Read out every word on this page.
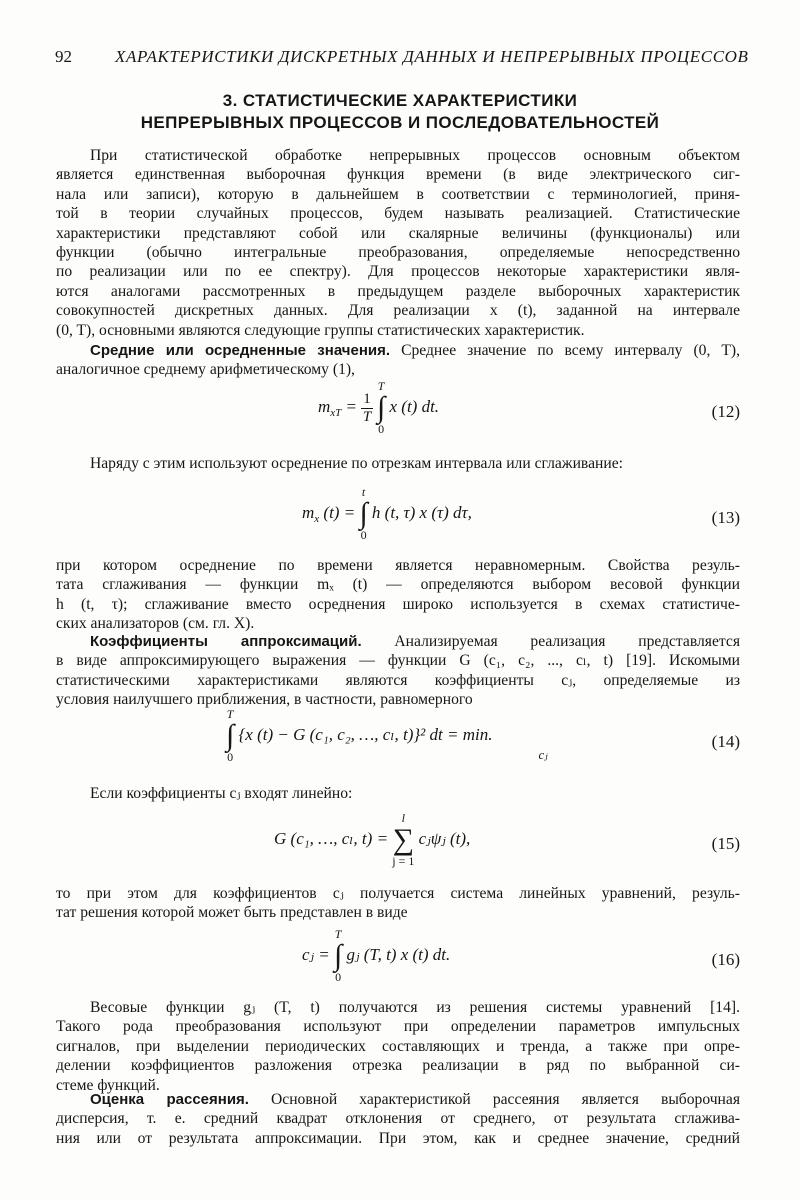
92	ХАРАКТЕРИСТИКИ ДИСКРЕТНЫХ ДАННЫХ И НЕПРЕРЫВНЫХ ПРОЦЕССОВ
3. СТАТИСТИЧЕСКИЕ ХАРАКТЕРИСТИКИ
НЕПРЕРЫВНЫХ ПРОЦЕССОВ И ПОСЛЕДОВАТЕЛЬНОСТЕЙ
При статистической обработке непрерывных процессов основным объектом
является единственная выборочная функция времени (в виде электрического сиг-
нала или записи), которую в дальнейшем в соответствии с терминологией, приня-
той в теории случайных процессов, будем называть реализацией. Статистические
характеристики представляют собой или скалярные величины (функционалы) или
функции (обычно интегральные преобразования, определяемые непосредственно
по реализации или по ее спектру). Для процессов некоторые характеристики явля-
ются аналогами рассмотренных в предыдущем разделе выборочных характеристик
совокупностей дискретных данных. Для реализации x (t), заданной на интервале
(0, T), основными являются следующие группы статистических характеристик.
Средние или осредненные значения. Среднее значение по всему интервалу (0, T),
аналогичное среднему арифметическому (1),
$m_{xT} = \frac{1}{T}$

T
∫
0
x (t) dt.	(12)
Наряду с этим используют осреднение по отрезкам интервала или сглаживание:
$m_x$ (t) =
t
∫
0
h (t, τ) x (τ) dτ,	(13)
при котором осреднение по времени является неравномерным. Свойства резуль-
тата сглаживания — функции mₓ (t) — определяются выбором весовой функции
h (t, τ); сглаживание вместо осреднения широко используется в схемах статистиче-
ских анализаторов (см. гл. X).
Коэффициенты аппроксимаций. Анализируемая реализация представляется
в виде аппроксимирующего выражения — функции G (c₁, c₂, ..., cₗ, t) [19]. Искомыми
статистическими характеристиками являются коэффициенты cⱼ, определяемые из
условия наилучшего приближения, в частности, равномерного
T
∫
0
{x (t) − G (c₁, c₂, …, cₗ, t)}² dt = min.
cⱼ
(14)
Если коэффициенты cⱼ входят линейно:
G (c₁, …, cₗ, t) =
l
∑
j = 1
cⱼψⱼ (t),	(15)
то при этом для коэффициентов cⱼ получается система линейных уравнений, резуль-
тат решения которой может быть представлен в виде
cⱼ =
T
∫
0
gⱼ (T, t) x (t) dt.	(16)
Весовые функции gⱼ (T, t) получаются из решения системы уравнений [14].
Такого рода преобразования используют при определении параметров импульсных
сигналов, при выделении периодических составляющих и тренда, а также при опре-
делении коэффициентов разложения отрезка реализации в ряд по выбранной си-
стеме функций.
Оценка рассеяния. Основной характеристикой рассеяния является выборочная
дисперсия, т. е. средний квадрат отклонения от среднего, от результата сглажива-
ния или от результата аппроксимации. При этом, как и среднее значение, средний
